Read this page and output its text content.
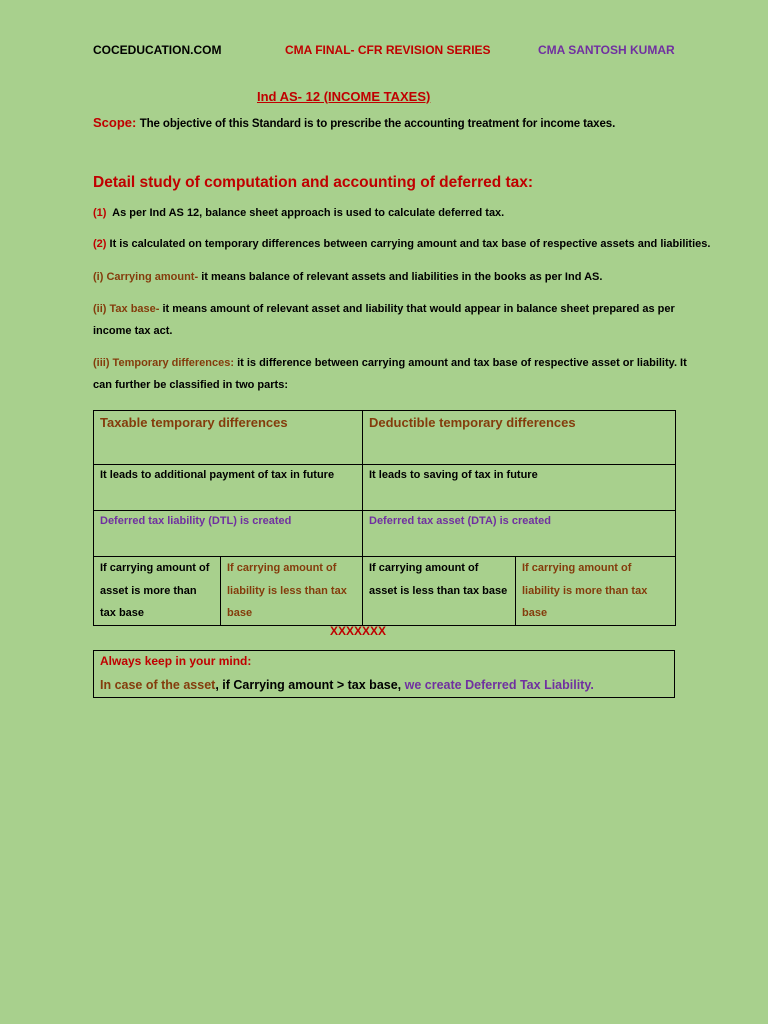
COCEDUCATION.COM	CMA FINAL- CFR REVISION SERIES	CMA SANTOSH KUMAR
Ind AS- 12 (INCOME TAXES)
Scope: The objective of this Standard is to prescribe the accounting treatment for income taxes.
Detail study of computation and accounting of deferred tax:
(1) As per Ind AS 12, balance sheet approach is used to calculate deferred tax.
(2) It is calculated on temporary differences between carrying amount and tax base of respective assets and liabilities.
(i) Carrying amount- it means balance of relevant assets and liabilities in the books as per Ind AS.
(ii) Tax base- it means amount of relevant asset and liability that would appear in balance sheet prepared as per income tax act.
(iii) Temporary differences: it is difference between carrying amount and tax base of respective asset or liability. It can further be classified in two parts:
Taxable temporary differences		Deductible temporary differences	
It leads to additional payment of tax in future		It leads to saving of tax in future	
Deferred tax liability (DTL) is created		Deferred tax asset (DTA) is created	
If carrying amount of asset is more than tax base	If carrying amount of liability is less than tax base	If carrying amount of asset is less than tax base	If carrying amount of liability is more than tax base
XXXXXXX
Always keep in your mind:
In case of the asset, if Carrying amount > tax base, we create Deferred Tax Liability.
